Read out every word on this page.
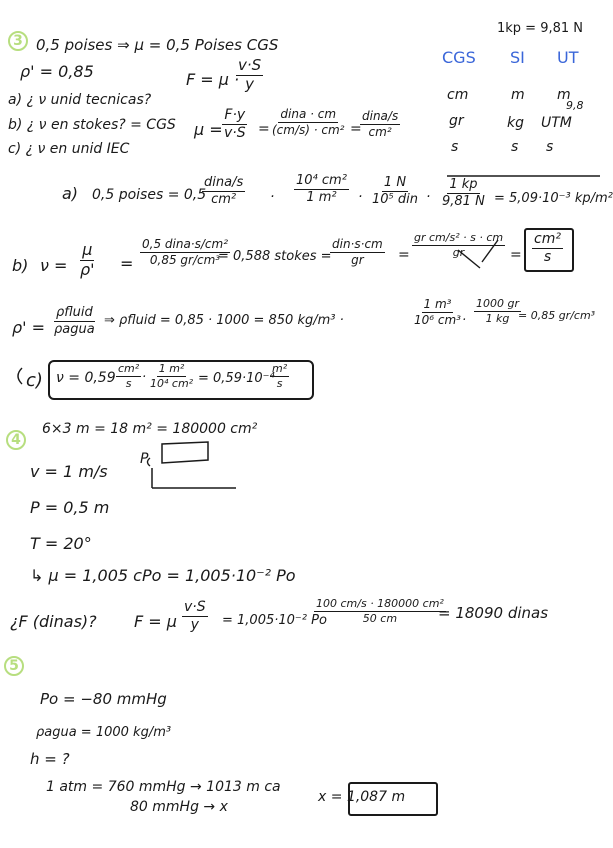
1kp = 9,81 N
CGS SI UT
cm	m m
gr	kg UTM
9,8
s	s s
3 0,5 poises ⇒ μ = 0,5 Poises CGS
ρ' = 0,85	F = μ ·
$\frac{v\cdot S}{y}$
a) ¿ ν unid tecnicas?
b) ¿ ν en stokes? = CGS
c) ¿ ν en unid IEC
$\mu = \frac{F\cdot y}{v\cdot S}$ =
dina · cm
(cm/s) · cm² =
dina/s
cm²
a) 0,5 poises = 0,5
dina/s
$cm^2 \cdot \frac{\text{10⁴ cm²}}{\text{1 m²}}$ ·
1 N
10⁵ din · $\frac{1 kp}{9,81 N} = 5,09\cdot 10^{-3}$ kp/m²
b) $\nu = \frac{\mu}{\rho'}$ =
0,5 dina·s/cm²
0,85 gr/cm³
= 0,588 stokes =
din·s·cm
gr = $\frac{\text{gr cm/s² · s · cm}}{gr} = \frac{\text{cm²}}{s}$
ρ' =
ρfluid
ρagua
⇒ ρfluid = 0,85 · 1000 = 850 kg/m³ ·	$\frac{\text{1 m³}}{\text{10⁶ cm³}} \cdot \frac{1000 gr}{1 kg}$
= 0,85 gr/cm³
c) $\nu = 0,59 \frac{\text{cm²}}{s} \cdot \frac{\text{1 m²}}{\text{10⁴ cm²}} = 0,59\cdot 10^{-4}$
$\frac{\text{m²}}{s}$
4
6×3 m = 18 m² = 180000 cm²
v = 1 m/s
P
P = 0,5 m
T = 20°
↳ μ = 1,005 cPo = 1,005·10⁻² Po
¿F (dinas)? F = μ $\frac{v\cdot S}{y} = 1,005\cdot 10^{-2}$ Po
$\frac{\text{100 cm/s · 180000 cm²}}{50 cm}$
= 18090 dinas
5
Po = −80 mmHg
ρagua = 1000 kg/m³
h = ?
1 atm = 760 mmHg → 1013 m ca
80 mmHg → x
x = 1,087 m
